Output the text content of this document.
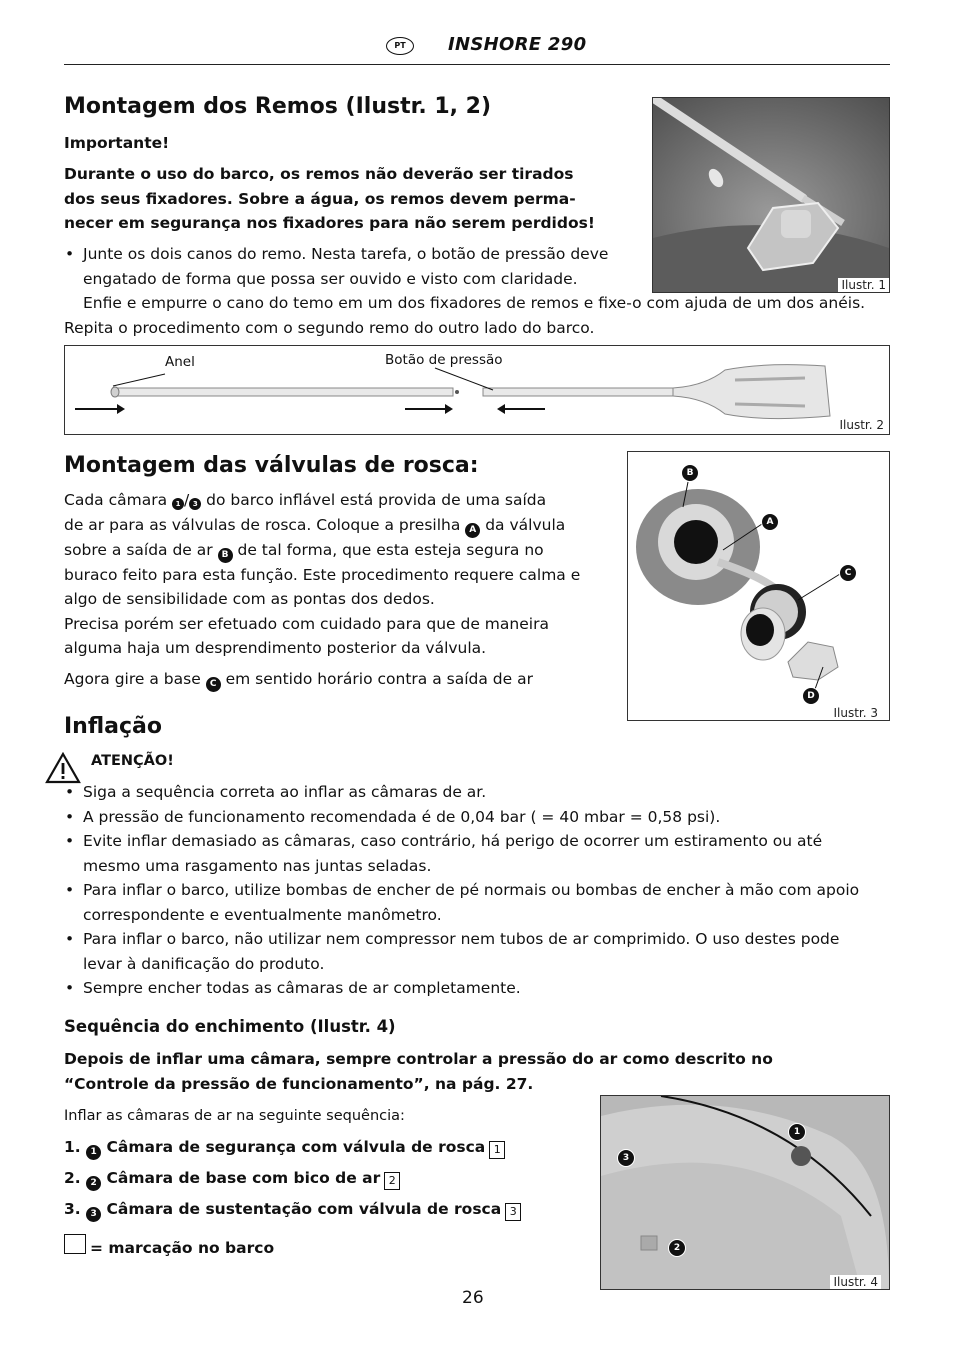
PT	INSHORE 290
Montagem dos Remos (Ilustr. 1, 2)
Importante!
Durante o uso do barco, os remos não deverão ser tirados
dos seus fixadores. Sobre a água, os remos devem perma-
necer em segurança nos fixadores para não serem perdidos!
• Junte os dois canos do remo. Nesta tarefa, o botão de pressão deve
engatado de forma que possa ser ouvido e visto com claridade.
Enfie e empurre o cano do temo em um dos fixadores de remos e fixe-o com ajuda de um dos anéis.
Repita o procedimento com o segundo remo do outro lado do barco.
Ilustr. 1
Anel	Botão de pressão
Ilustr. 2
Montagem das válvulas de rosca:
Cada câmara 1 / 3 do barco inflável está provida de uma saída
de ar para as válvulas de rosca. Coloque a presilha A da válvula
sobre a saída de ar B de tal forma, que esta esteja segura no
buraco feito para esta função. Este procedimento requere calma e
algo de sensibilidade com as pontas dos dedos.
Precisa porém ser efetuado com cuidado para que de maneira
alguma haja um desprendimento posterior da válvula.
Agora gire a base C em sentido horário contra a saída de ar
B
A
C
D
Ilustr. 3
Inflação
ATENÇÃO!
• Siga a sequência correta ao inflar as câmaras de ar.
• A pressão de funcionamento recomendada é de 0,04 bar ( = 40 mbar = 0,58 psi).
• Evite inflar demasiado as câmaras, caso contrário, há perigo de ocorrer um estiramento ou até
mesmo uma rasgamento nas juntas seladas.
• Para inflar o barco, utilize bombas de encher de pé normais ou bombas de encher à mão com apoio
correspondente e eventualmente manômetro.
• Para inflar o barco, não utilizar nem compressor nem tubos de ar comprimido. O uso destes pode
levar à danificação do produto.
• Sempre encher todas as câmaras de ar completamente.
Sequência do enchimento (Ilustr. 4)
Depois de inflar uma câmara, sempre controlar a pressão do ar como descrito no
“Controle da pressão de funcionamento”, na pág. 27.
Inflar as câmaras de ar na seguinte sequência:
1. 1 Câmara de segurança com válvula de rosca 1
2. 2 Câmara de base com bico de ar 2
3. 3 Câmara de sustentação com válvula de rosca 3
= marcação no barco
1
3
2
Ilustr. 4
26
